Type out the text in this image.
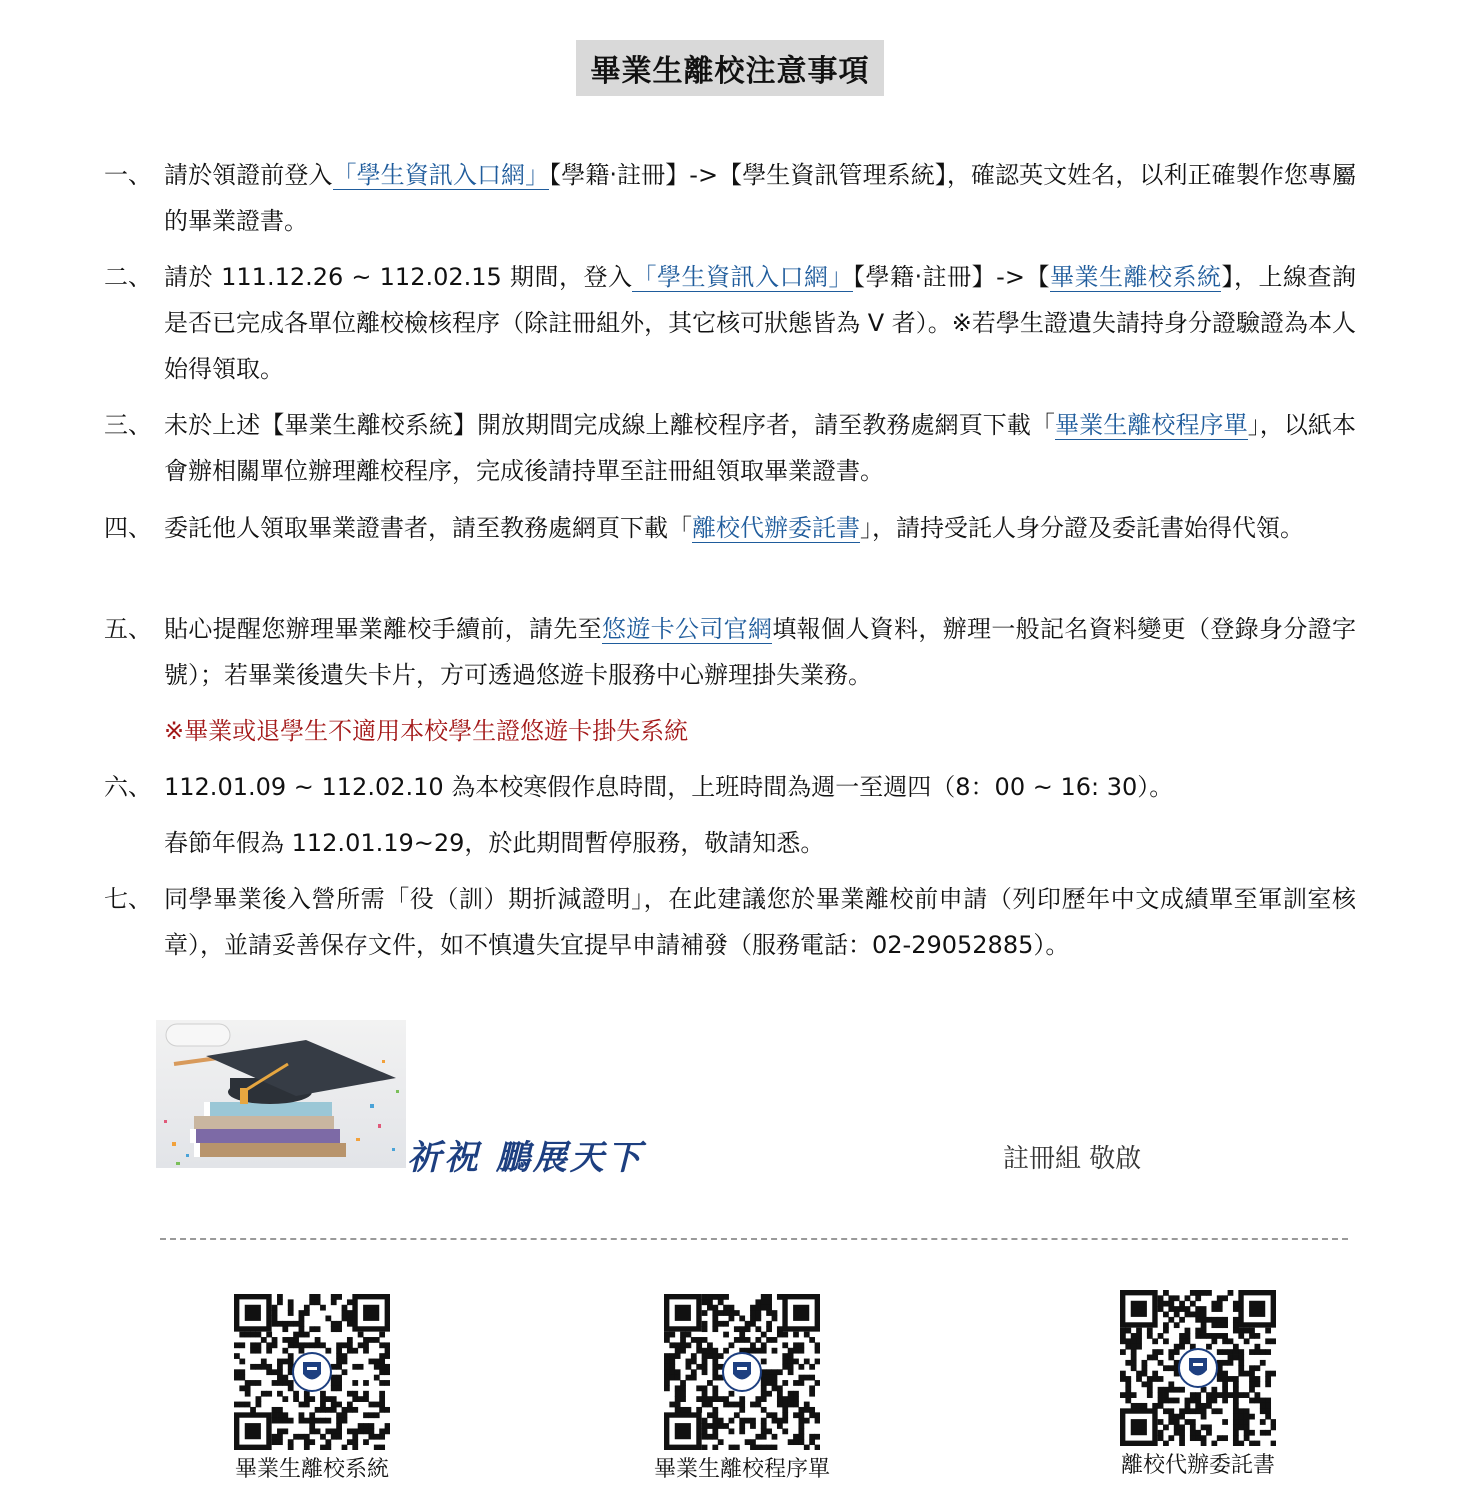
畢業生離校注意事項
一、 請於領證前登入「學生資訊入口網」【學籍‧註冊】->【學生資訊管理系統】，確認英文姓名，以利正確製作您專屬的畢業證書。
二、 請於 111.12.26 ~ 112.02.15 期間，登入「學生資訊入口網」【學籍‧註冊】->【畢業生離校系統】，上線查詢是否已完成各單位離校檢核程序（除註冊組外，其它核可狀態皆為 V 者）。※若學生證遺失請持身分證驗證為本人始得領取。
三、 未於上述【畢業生離校系統】開放期間完成線上離校程序者，請至教務處網頁下載「畢業生離校程序單」，以紙本會辦相關單位辦理離校程序，完成後請持單至註冊組領取畢業證書。
四、 委託他人領取畢業證書者，請至教務處網頁下載「離校代辦委託書」，請持受託人身分證及委託書始得代領。
五、 貼心提醒您辦理畢業離校手續前，請先至悠遊卡公司官網填報個人資料，辦理一般記名資料變更（登錄身分證字號）；若畢業後遺失卡片，方可透過悠遊卡服務中心辦理掛失業務。
※畢業或退學生不適用本校學生證悠遊卡掛失系統
六、 112.01.09 ~ 112.02.10 為本校寒假作息時間，上班時間為週一至週四（8：00 ~ 16: 30）。
春節年假為 112.01.19~29，於此期間暫停服務，敬請知悉。
七、 同學畢業後入營所需「役（訓）期折減證明」，在此建議您於畢業離校前申請（列印歷年中文成績單至軍訓室核章），並請妥善保存文件，如不慎遺失宜提早申請補發（服務電話：02-29052885）。
祈祝 鵬展天下	註冊組 敬啟
畢業生離校系統	畢業生離校程序單	離校代辦委託書
